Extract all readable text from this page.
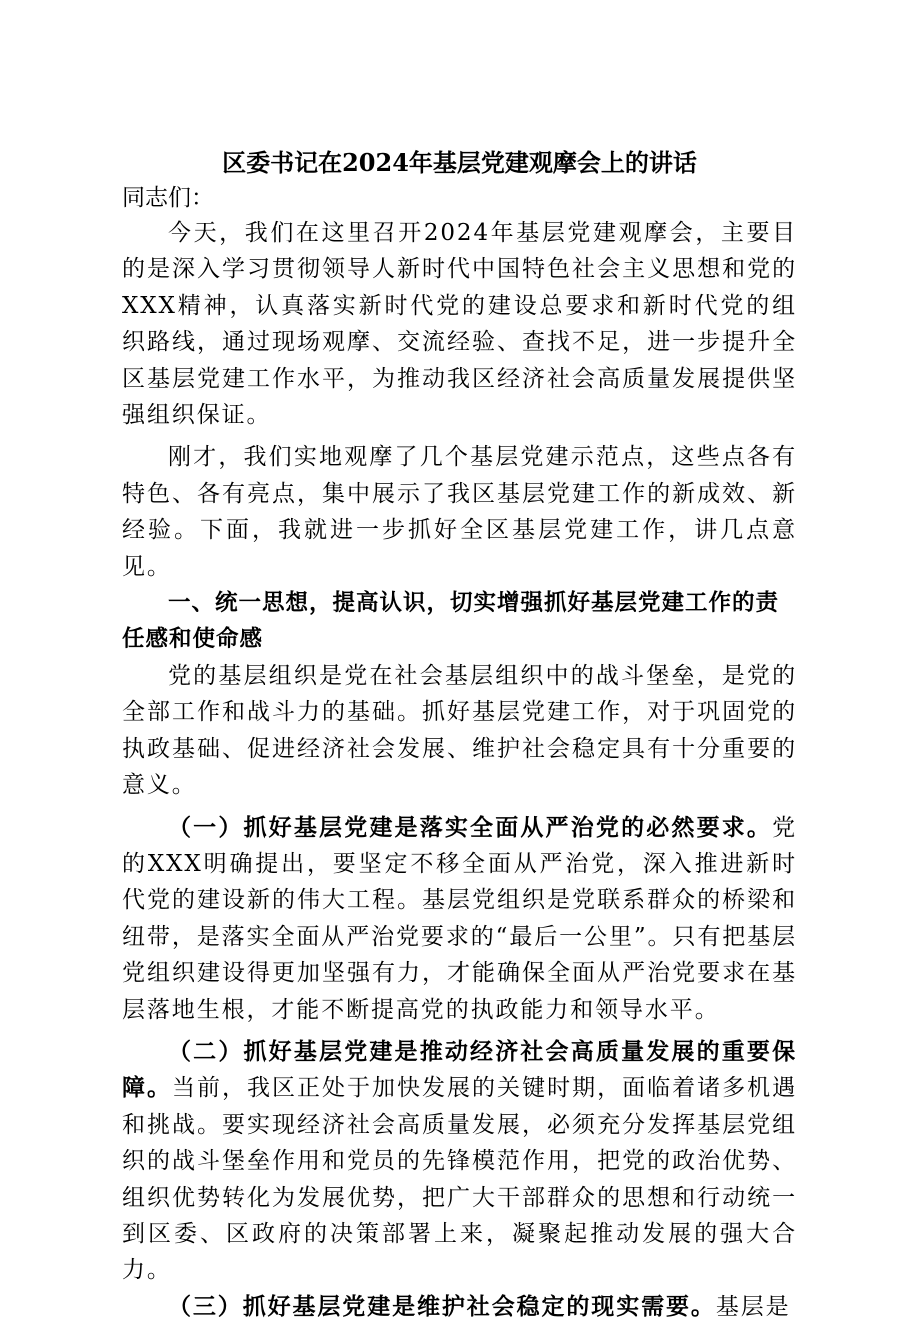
区委书记在2024年基层党建观摩会上的讲话

同志们：

今天，我们在这里召开2024年基层党建观摩会，主要目的是深入学习贯彻领导人新时代中国特色社会主义思想和党的XXX精神，认真落实新时代党的建设总要求和新时代党的组织路线，通过现场观摩、交流经验、查找不足，进一步提升全区基层党建工作水平，为推动我区经济社会高质量发展提供坚强组织保证。

刚才，我们实地观摩了几个基层党建示范点，这些点各有特色、各有亮点，集中展示了我区基层党建工作的新成效、新经验。下面，我就进一步抓好全区基层党建工作，讲几点意见。

一、统一思想，提高认识，切实增强抓好基层党建工作的责任感和使命感

党的基层组织是党在社会基层组织中的战斗堡垒，是党的全部工作和战斗力的基础。抓好基层党建工作，对于巩固党的执政基础、促进经济社会发展、维护社会稳定具有十分重要的意义。

（一）抓好基层党建是落实全面从严治党的必然要求。党的XXX明确提出，要坚定不移全面从严治党，深入推进新时代党的建设新的伟大工程。基层党组织是党联系群众的桥梁和纽带，是落实全面从严治党要求的“最后一公里”。只有把基层党组织建设得更加坚强有力，才能确保全面从严治党要求在基层落地生根，才能不断提高党的执政能力和领导水平。

（二）抓好基层党建是推动经济社会高质量发展的重要保障。当前，我区正处于加快发展的关键时期，面临着诸多机遇和挑战。要实现经济社会高质量发展，必须充分发挥基层党组织的战斗堡垒作用和党员的先锋模范作用，把党的政治优势、组织优势转化为发展优势，把广大干部群众的思想和行动统一到区委、区政府的决策部署上来，凝聚起推动发展的强大合力。

（三）抓好基层党建是维护社会稳定的现实需要。基层是
